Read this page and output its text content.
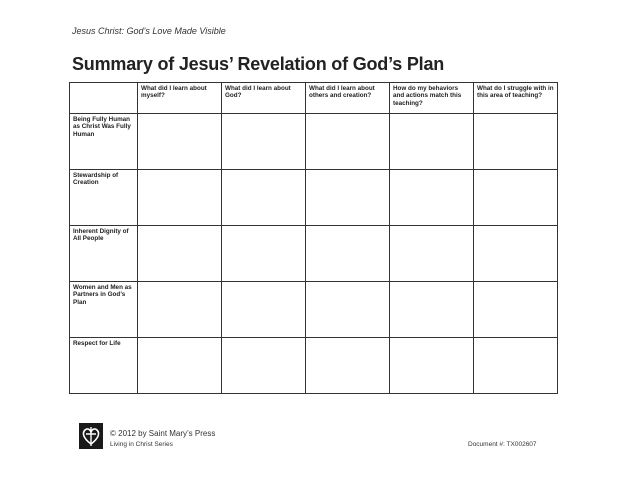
Jesus Christ: God’s Love Made Visible
Summary of Jesus’ Revelation of God’s Plan
	What did I learn about myself?	What did I learn about God?	What did I learn about others and creation?	How do my behaviors and actions match this teaching?	What do I struggle with in this area of teaching?
Being Fully Human as Christ Was Fully Human					
Stewardship of Creation					
Inherent Dignity of All People					
Women and Men as Partners in God’s Plan					
Respect for Life					
© 2012 by Saint Mary’s Press
Living in Christ Series	Document #: TX002607
